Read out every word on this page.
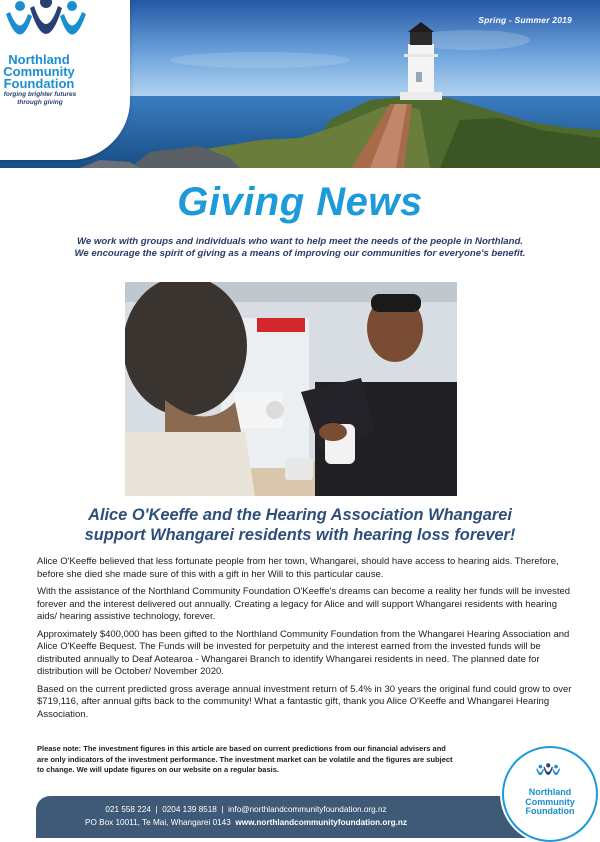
Spring - Summer 2019
Northland
Community
Foundation
forging brighter futures
through giving
Giving News
We work with groups and individuals who want to help meet the needs of the people in Northland.
We encourage the spirit of giving as a means of improving our communities for everyone's benefit.
Alice O'Keeffe and the Hearing Association Whangarei
support Whangarei residents with hearing loss forever!

Alice O'Keeffe believed that less fortunate people from her town, Whangarei, should have access to hearing aids. Therefore, before she died she made sure of this with a gift in her Will to this particular cause.

With the assistance of the Northland Community Foundation O'Keeffe's dreams can become a reality her funds will be invested forever and the interest delivered out annually. Creating a legacy for Alice and will support Whangarei residents with hearing aids/ hearing assistive technology, forever.

Approximately $400,000 has been gifted to the Northland Community Foundation from the Whangarei Hearing Association and Alice O'Keeffe Bequest. The Funds will be invested for perpetuity and the interest earned from the invested funds will be distributed annually to Deaf Aotearoa - Whangarei Branch to identify Whangarei residents in need. The planned date for distribution will be October/ November 2020.

Based on the current predicted gross average annual investment return of 5.4% in 30 years the original fund could grow to over $719,116, after annual gifts back to the community! What a fantastic gift, thank you Alice O'Keeffe and Whangarei Hearing Association.

Please note: The investment figures in this article are based on current predictions from our financial advisers and are only indicators of the investment performance. The investment market can be volatile and the figures are subject to change. We will update figures on our website on a regular basis.
021 558 224 | 0204 139 8518 | info@northlandcommunityfoundation.org.nz
PO Box 10011, Te Mai, Whangarei 0143 www.northlandcommunityfoundation.org.nz
Northland
Community
Foundation
